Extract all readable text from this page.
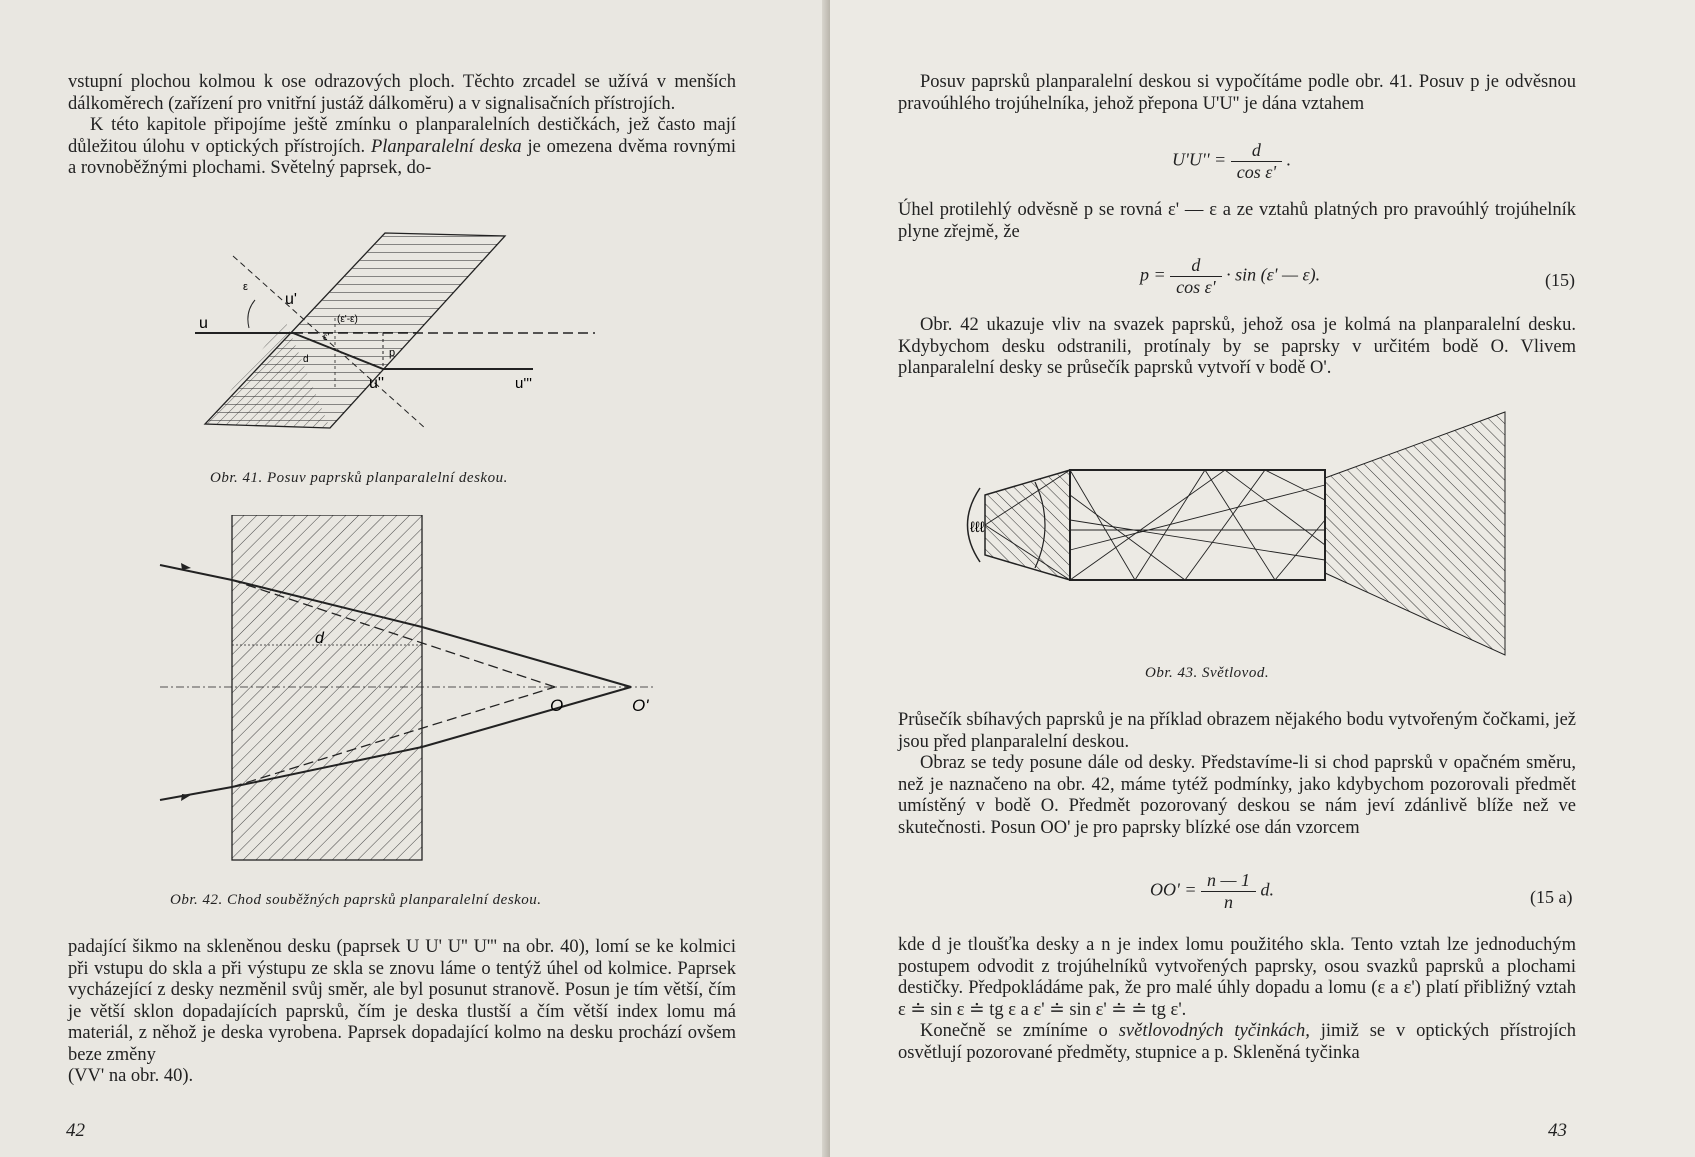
vstupní plochou kolmou k ose odrazových ploch. Těchto zrcadel se užívá v menších dálkoměrech (zařízení pro vnitřní justáž dálkoměru) a v signalisačních přístrojích.

K této kapitole připojíme ještě zmínku o planparalelních destičkách, jež často mají důležitou úlohu v optických přístrojích. Planparalelní deska je omezena dvěma rovnými a rovnoběžnými plochami. Světelný paprsek, do-

u
u'
u''	u'''
ε
(ε'-ε)
ε'
p
d
Obr. 41. Posuv paprsků planparalelní deskou.
d
O	O'
Obr. 42. Chod souběžných paprsků planparalelní deskou.

padající šikmo na skleněnou desku (paprsek U U' U'' U''' na obr. 40), lomí se ke kolmici při vstupu do skla a při výstupu ze skla se znovu láme o tentýž úhel od kolmice. Paprsek vycházející z desky nezměnil svůj směr, ale byl posunut stranově. Posun je tím větší, čím je větší sklon dopadajících paprsků, čím je deska tlustší a čím větší index lomu má materiál, z něhož je deska vyrobena. Paprsek dopadající kolmo na desku prochází ovšem beze změny

(VV' na obr. 40).

42
Posuv paprsků planparalelní deskou si vypočítáme podle obr. 41. Posuv p je odvěsnou pravoúhlého trojúhelníka, jehož přepona U'U'' je dána vztahem
$U'U'' = \frac{d}{\text{cos ε'}}$ .
Úhel protilehlý odvěsně p se rovná ε' — ε a ze vztahů platných pro pravoúhlý trojúhelník plyne zřejmě, že
$p = \frac{d}{\text{cos ε'}} \cdot \sin (\varepsilon'$ — ε).	(15)
Obr. 42 ukazuje vliv na svazek paprsků, jehož osa je kolmá na planparalelní desku. Kdybychom desku odstranili, protínaly by se paprsky v určitém bodě O. Vlivem planparalelní desky se průsečík paprsků vytvoří v bodě O'.
ℓℓℓ
Obr. 43. Světlovod.

Průsečík sbíhavých paprsků je na příklad obrazem nějakého bodu vytvořeným čočkami, jež jsou před planparalelní deskou.

Obraz se tedy posune dále od desky. Představíme-li si chod paprsků v opačném směru, než je naznačeno na obr. 42, máme tytéž podmínky, jako kdybychom pozorovali předmět umístěný v bodě O. Předmět pozorovaný deskou se nám jeví zdánlivě blíže než ve skutečnosti. Posun OO' je pro paprsky blízké ose dán vzorcem

$OO' = \frac{n — 1}{n} d$.	(15 a)

kde d je tloušťka desky a n je index lomu použitého skla. Tento vztah lze jednoduchým postupem odvodit z trojúhelníků vytvořených paprsky, osou svazků paprsků a plochami destičky. Předpokládáme pak, že pro malé úhly dopadu a lomu (ε a ε') platí přibližný vztah ε ≐ sin ε ≐ tg ε a ε' ≐ sin ε' ≐ ≐ tg ε'.

Konečně se zmíníme o světlovodných tyčinkách, jimiž se v optických přístrojích osvětlují pozorované předměty, stupnice a p. Skleněná tyčinka

43
